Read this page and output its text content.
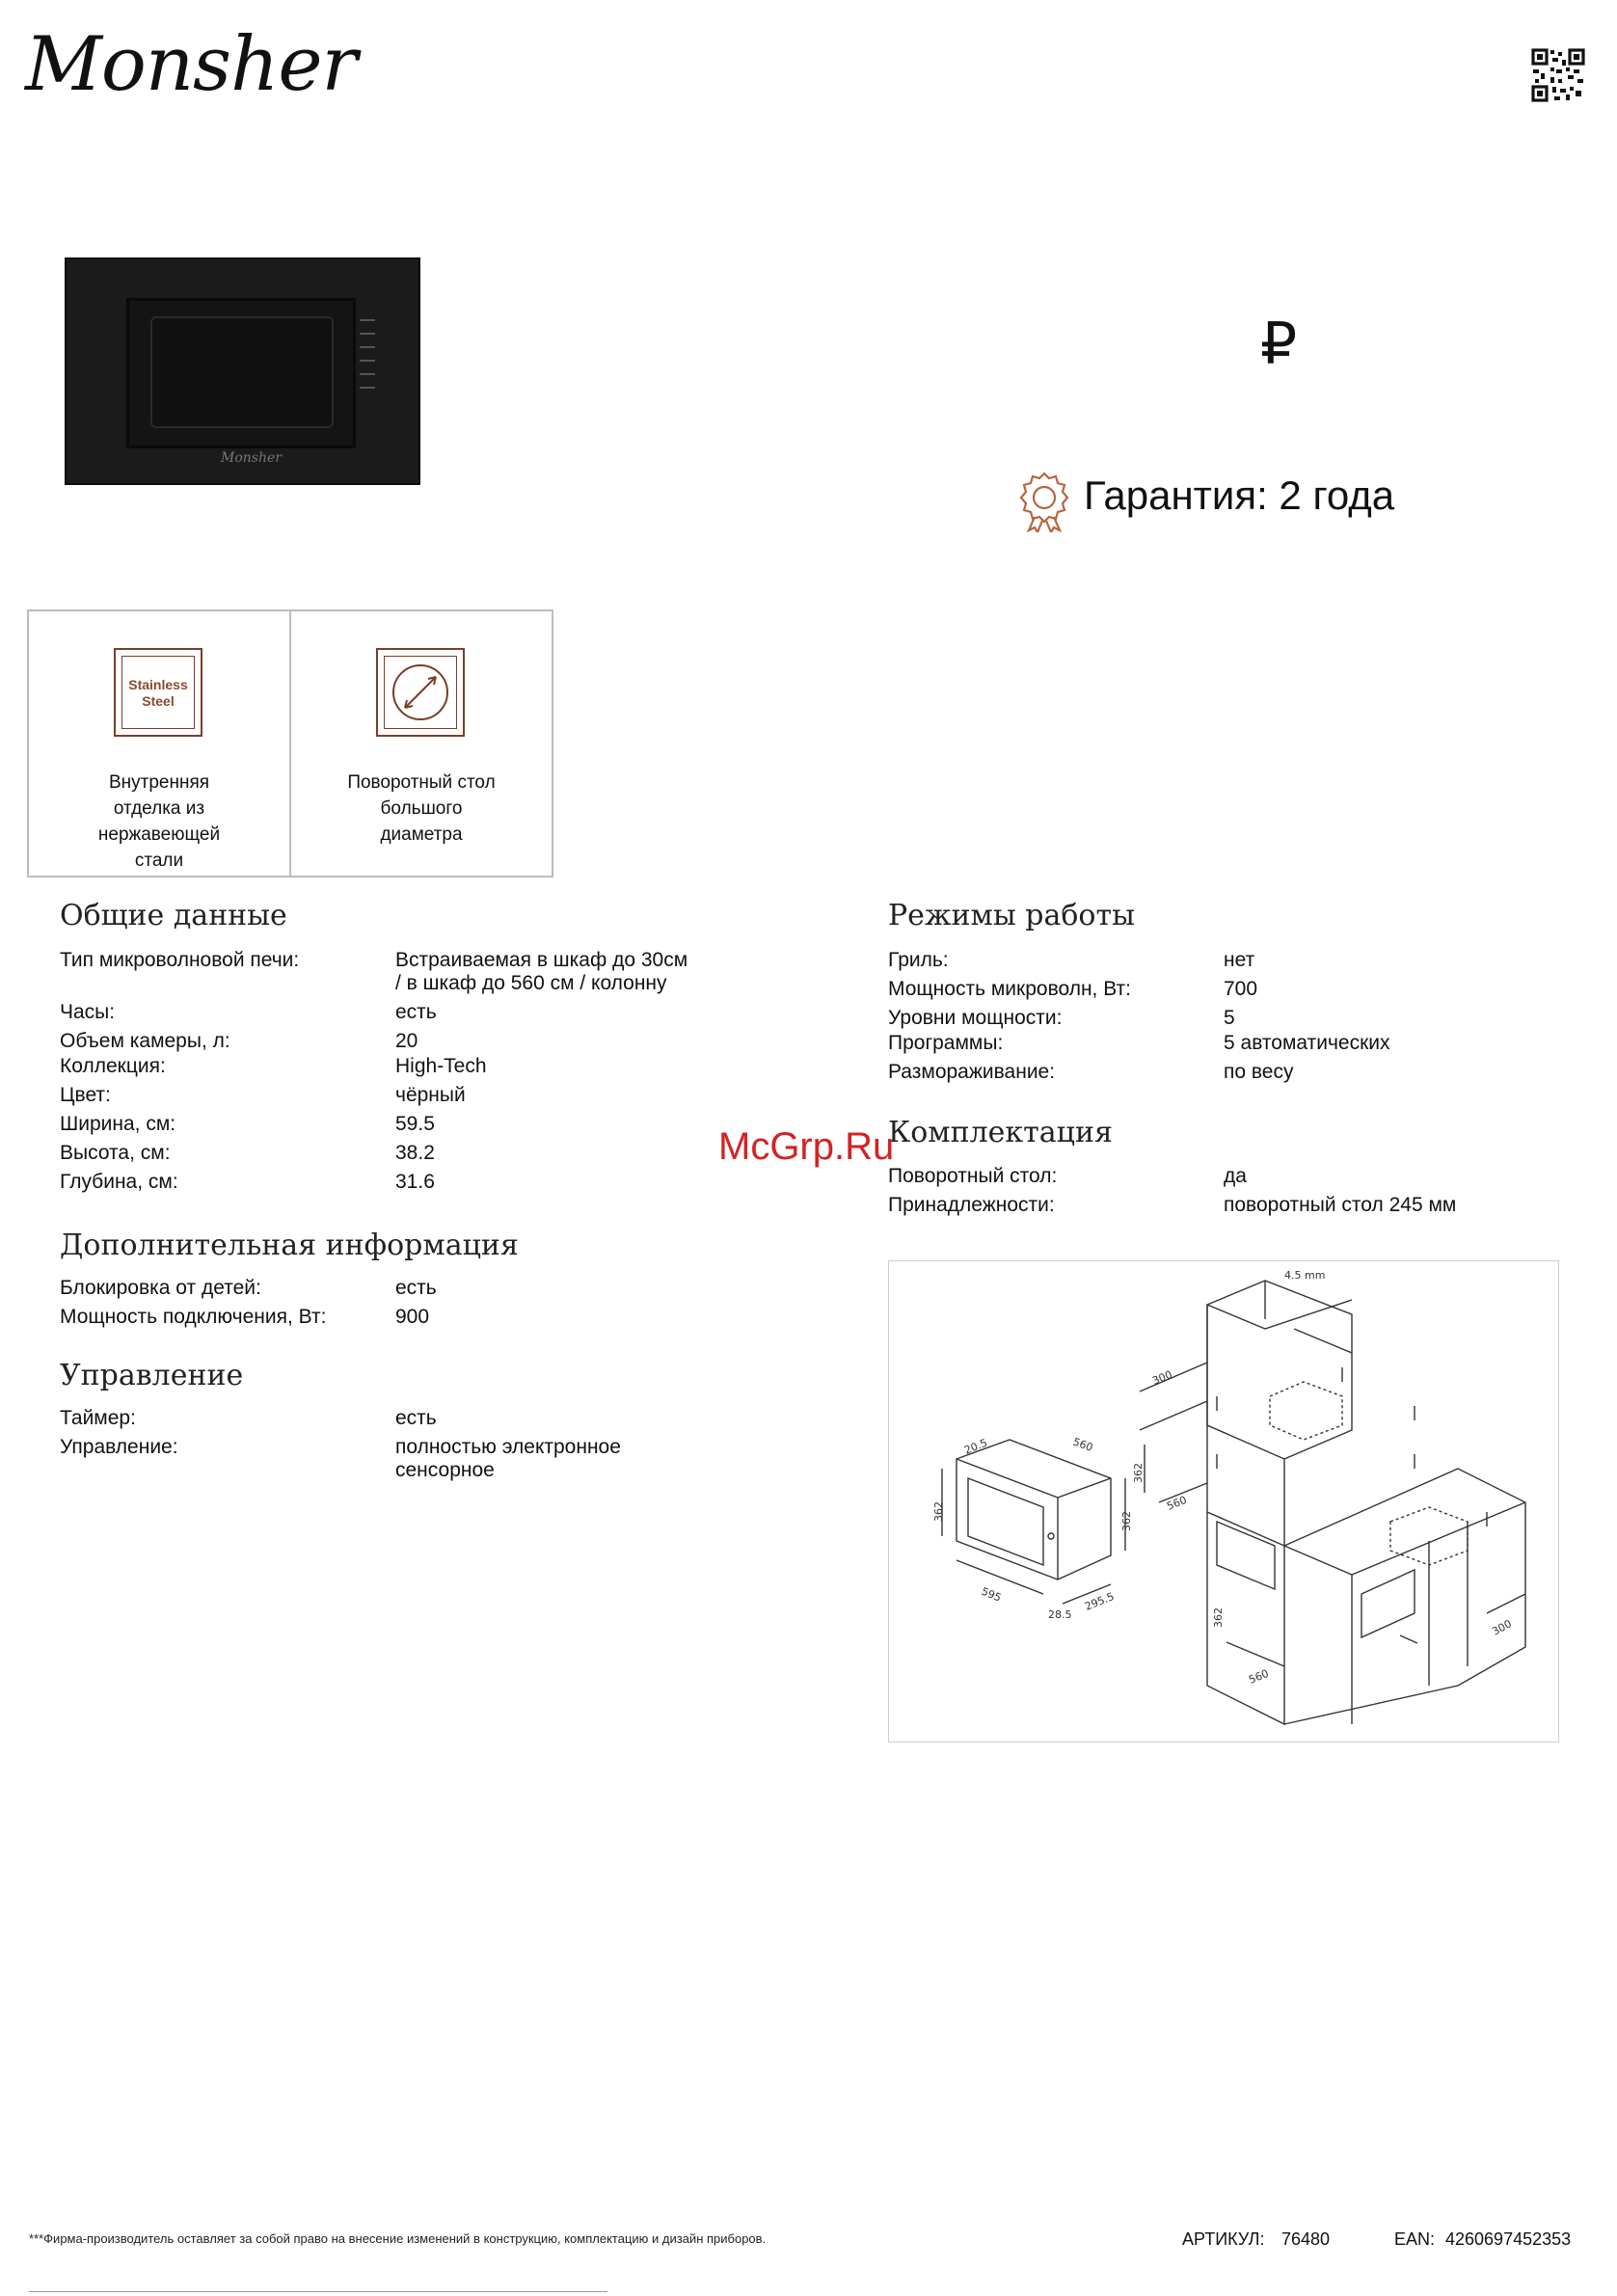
Monsher
Monsher
₽
Гарантия: 2 года
Stainless
Steel
Внутренняя
отделка из
нержавеющей
стали
Поворотный стол
большого
диаметра
Общие данные
Тип микроволновой печи:	Встраиваемая в шкаф до 30см
/ в шкаф до 560 см / колонну
Часы:	есть
Объем камеры, л:	20
Коллекция:	High-Tech
Цвет:	чёрный
Ширина, см:	59.5
Высота, см:	38.2
Глубина, см:	31.6
Дополнительная информация
Блокировка от детей:	есть
Мощность подключения, Вт:	900
Управление
Таймер:	есть
Управление:	полностью электронное
сенсорное
Режимы работы
Гриль:	нет
Мощность микроволн, Вт:	700
Уровни мощности:	5
Программы:	5 автоматических
Размораживание:	по весу
Комплектация
Поворотный стол:	да
Принадлежности:	поворотный стол 245 мм
McGrp.Ru
4.5 mm
300
362
560
362
560
300
20.5	560
362	362
595
28.5
295.5
***Фирма-производитель оставляет за собой право на внесение изменений в конструкцию, комплектацию и дизайн приборов.	АРТИКУЛ: 76480	EAN: 4260697452353
